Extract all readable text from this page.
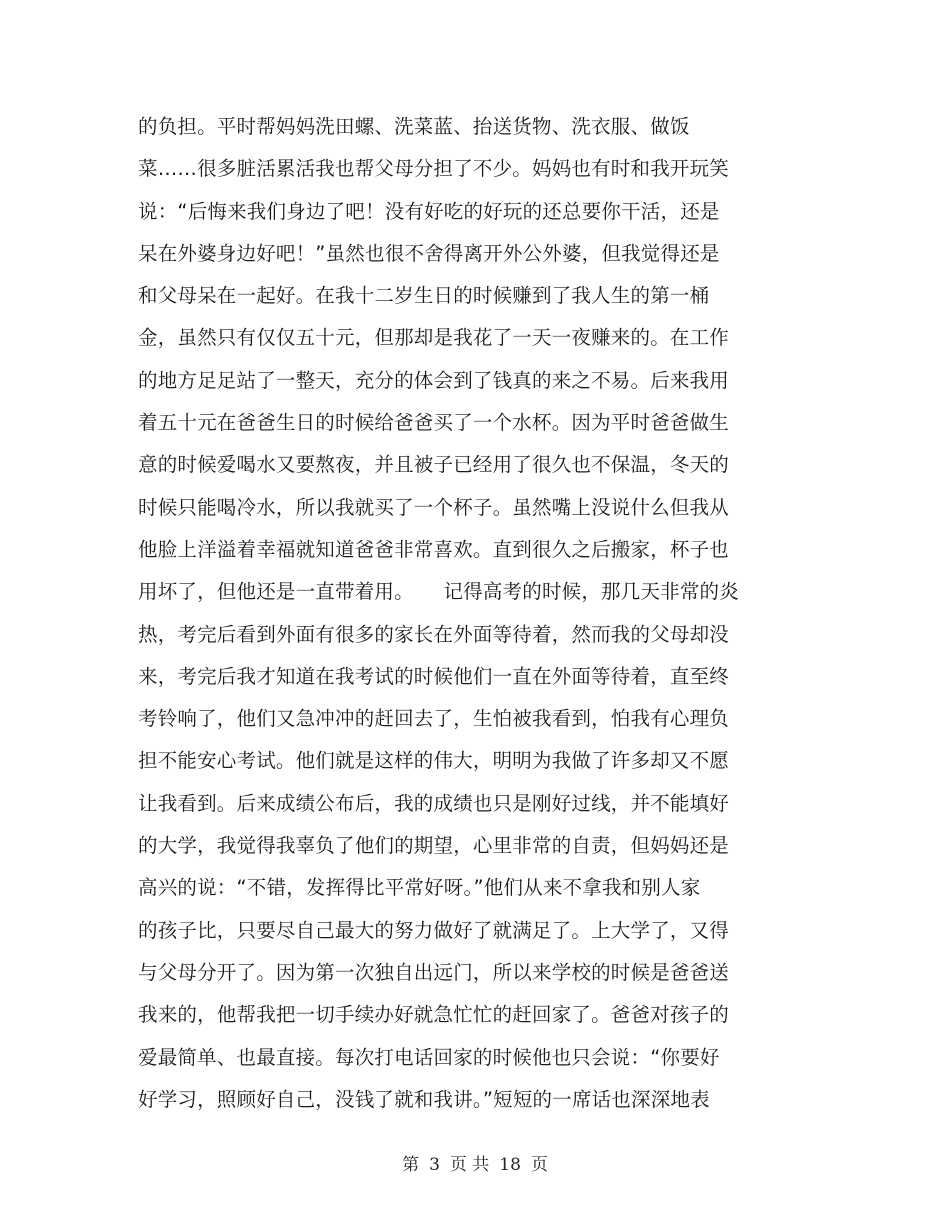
的负担。平时帮妈妈洗田螺、洗菜蓝、抬送货物、洗衣服、做饭
菜……很多脏活累活我也帮父母分担了不少。妈妈也有时和我开玩笑
说：“后悔来我们身边了吧！没有好吃的好玩的还总要你干活，还是
呆在外婆身边好吧！”虽然也很不舍得离开外公外婆，但我觉得还是
和父母呆在一起好。在我十二岁生日的时候赚到了我人生的第一桶
金，虽然只有仅仅五十元，但那却是我花了一天一夜赚来的。在工作
的地方足足站了一整天，充分的体会到了钱真的来之不易。后来我用
着五十元在爸爸生日的时候给爸爸买了一个水杯。因为平时爸爸做生
意的时候爱喝水又要熬夜，并且被子已经用了很久也不保温，冬天的
时候只能喝冷水，所以我就买了一个杯子。虽然嘴上没说什么但我从
他脸上洋溢着幸福就知道爸爸非常喜欢。直到很久之后搬家，杯子也
用坏了，但他还是一直带着用。　　记得高考的时候，那几天非常的炎
热，考完后看到外面有很多的家长在外面等待着，然而我的父母却没
来，考完后我才知道在我考试的时候他们一直在外面等待着，直至终
考铃响了，他们又急冲冲的赶回去了，生怕被我看到，怕我有心理负
担不能安心考试。他们就是这样的伟大，明明为我做了许多却又不愿
让我看到。后来成绩公布后，我的成绩也只是刚好过线，并不能填好
的大学，我觉得我辜负了他们的期望，心里非常的自责，但妈妈还是
高兴的说：“不错，发挥得比平常好呀。”他们从来不拿我和别人家
的孩子比，只要尽自己最大的努力做好了就满足了。上大学了，又得
与父母分开了。因为第一次独自出远门，所以来学校的时候是爸爸送
我来的，他帮我把一切手续办好就急忙忙的赶回家了。爸爸对孩子的
爱最简单、也最直接。每次打电话回家的时候他也只会说：“你要好
好学习，照顾好自己，没钱了就和我讲。”短短的一席话也深深地表
第 3 页 共 18 页
